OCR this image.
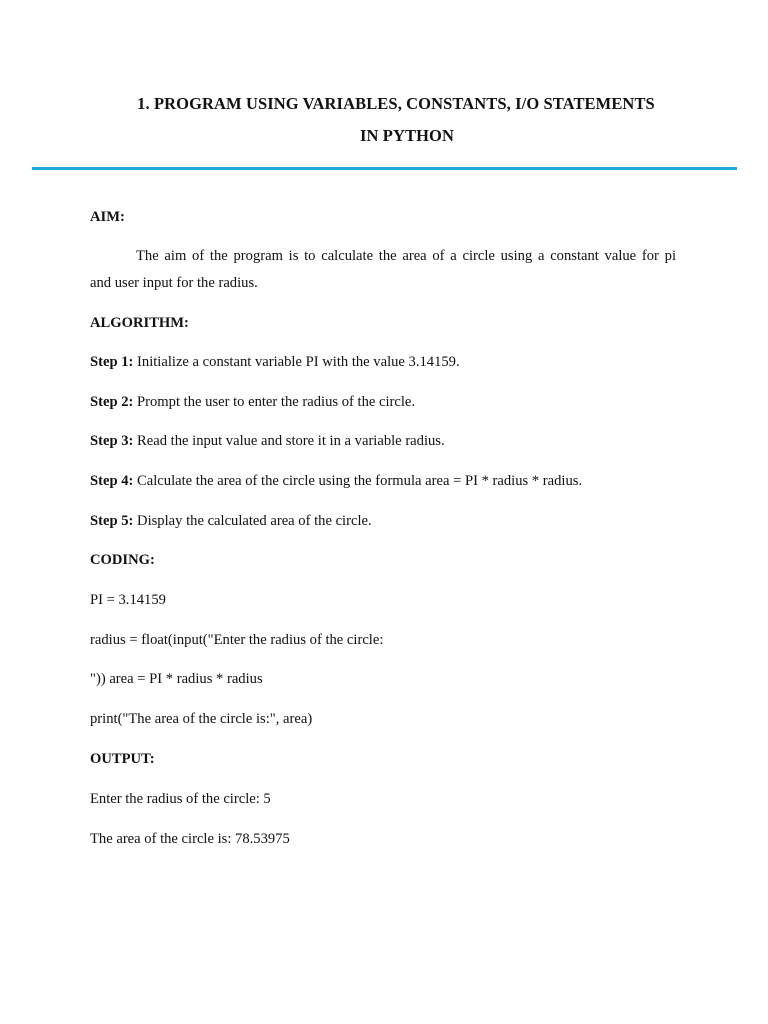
1. PROGRAM USING VARIABLES, CONSTANTS, I/O STATEMENTS
IN PYTHON
AIM:
The aim of the program is to calculate the area of a circle using a constant value for pi
and user input for the radius.
ALGORITHM:
Step 1: Initialize a constant variable PI with the value 3.14159.
Step 2: Prompt the user to enter the radius of the circle.
Step 3: Read the input value and store it in a variable radius.
Step 4: Calculate the area of the circle using the formula area = PI * radius * radius.
Step 5: Display the calculated area of the circle.
CODING:
PI = 3.14159
radius = float(input("Enter the radius of the circle:
")) area = PI * radius * radius
print("The area of the circle is:", area)
OUTPUT:
Enter the radius of the circle: 5
The area of the circle is: 78.53975
